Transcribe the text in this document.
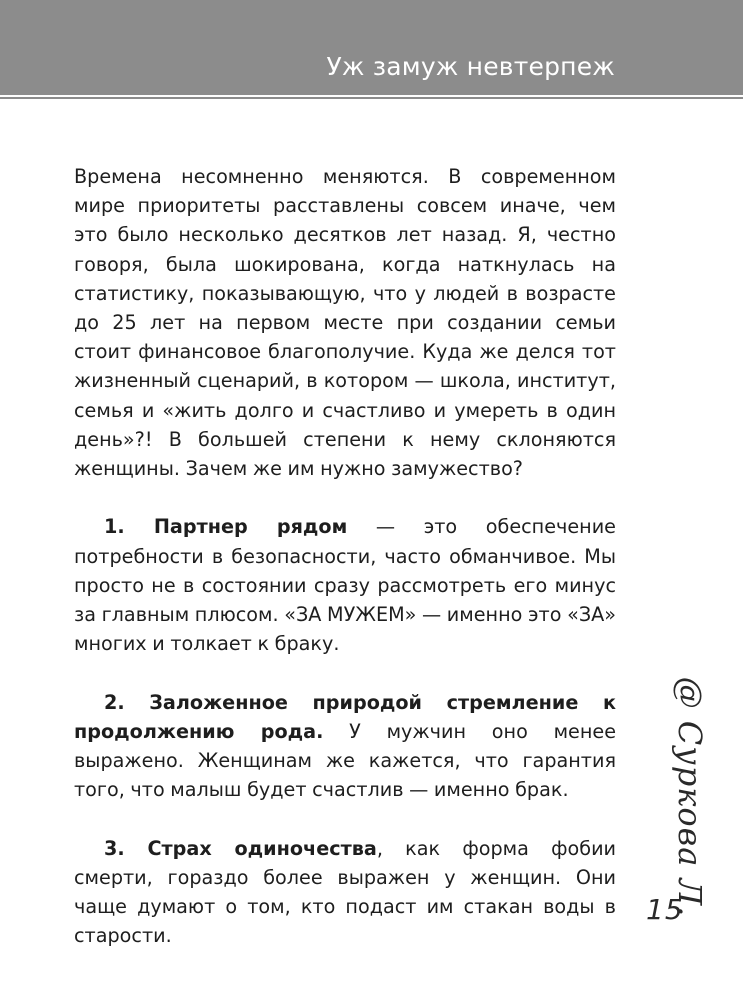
Уж замуж невтерпеж

Времена несомненно меняются. В современном мире приоритеты расставлены совсем иначе, чем это было несколько десятков лет назад. Я, честно говоря, была шокирована, когда наткнулась на статистику, показывающую, что у людей в возрасте до 25 лет на первом месте при создании семьи стоит финансовое благополучие. Куда же делся тот жизненный сценарий, в котором — школа, институт, семья и «жить долго и счастливо и умереть в один день»?! В большей степени к нему склоняются женщины. Зачем же им нужно замужество?

1. Партнер рядом — это обеспечение потребности в безопасности, часто обманчивое. Мы просто не в состоянии сразу рассмотреть его минус за главным плюсом. «ЗА МУЖЕМ» — именно это «ЗА» многих и толкает к браку.

2. Заложенное природой стремление к продолжению рода. У мужчин оно менее выражено. Женщинам же кажется, что гарантия того, что малыш будет счастлив — именно брак.

3. Страх одиночества, как форма фобии смерти, гораздо более выражен у женщин. Они чаще думают о том, кто подаст им стакан воды в старости.

@ Суркова Л.
15
